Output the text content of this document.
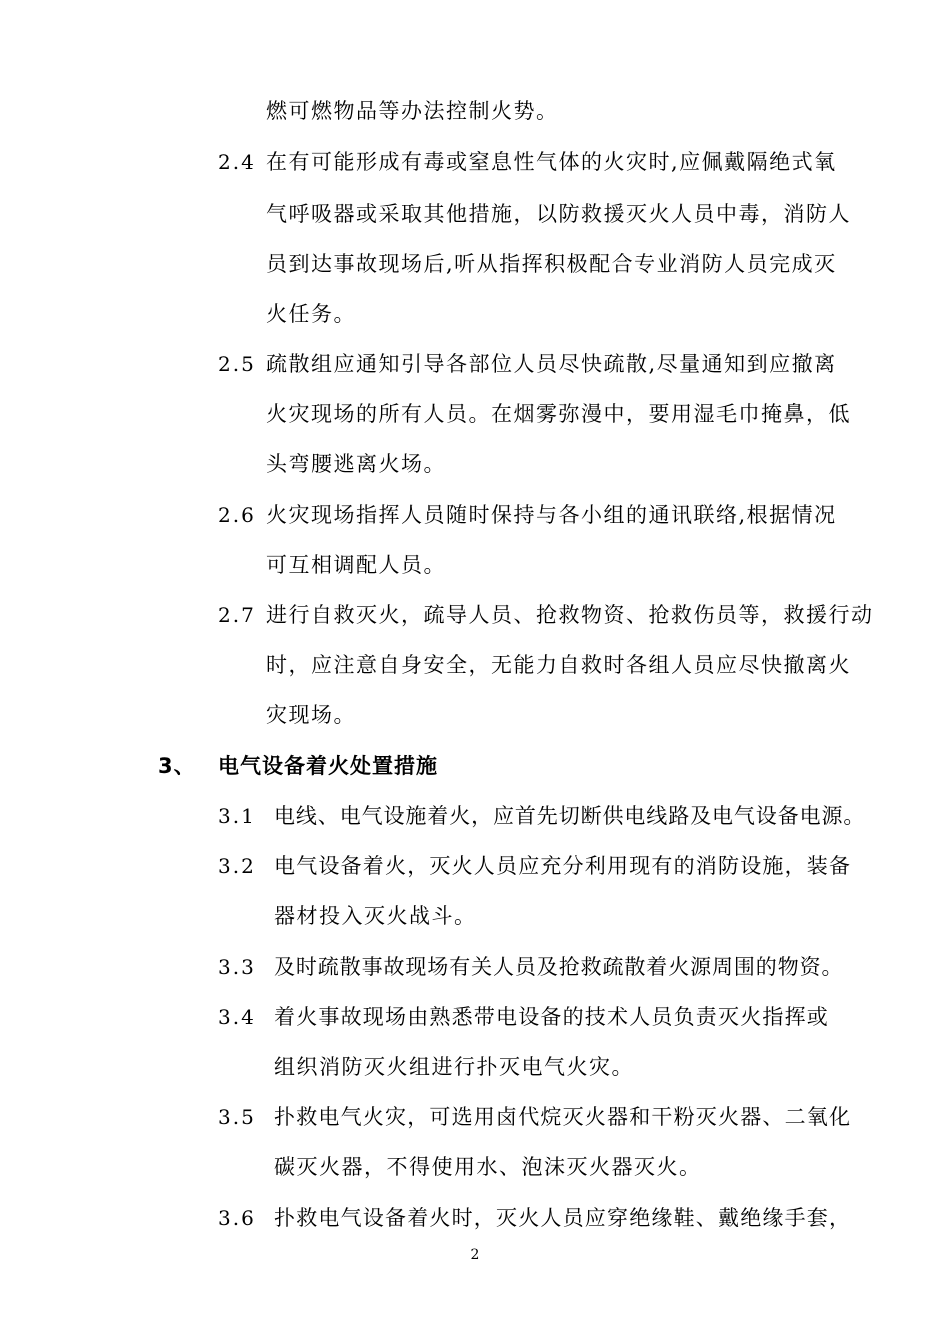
燃可燃物品等办法控制火势。
2.4 在有可能形成有毒或窒息性气体的火灾时,应佩戴隔绝式氧
气呼吸器或采取其他措施，以防救援灭火人员中毒，消防人
员到达事故现场后,听从指挥积极配合专业消防人员完成灭
火任务。
2.5 疏散组应通知引导各部位人员尽快疏散,尽量通知到应撤离
火灾现场的所有人员。在烟雾弥漫中，要用湿毛巾掩鼻，低
头弯腰逃离火场。
2.6 火灾现场指挥人员随时保持与各小组的通讯联络,根据情况
可互相调配人员。
2.7 进行自救灭火，疏导人员、抢救物资、抢救伤员等，救援行动
时，应注意自身安全，无能力自救时各组人员应尽快撤离火
灾现场。
3、 电气设备着火处置措施
3.1 电线、电气设施着火，应首先切断供电线路及电气设备电源。
3.2 电气设备着火，灭火人员应充分利用现有的消防设施，装备
器材投入灭火战斗。
3.3 及时疏散事故现场有关人员及抢救疏散着火源周围的物资。
3.4 着火事故现场由熟悉带电设备的技术人员负责灭火指挥或
组织消防灭火组进行扑灭电气火灾。
3.5 扑救电气火灾，可选用卤代烷灭火器和干粉灭火器、二氧化
碳灭火器，不得使用水、泡沫灭火器灭火。
3.6 扑救电气设备着火时，灭火人员应穿绝缘鞋、戴绝缘手套，
2
